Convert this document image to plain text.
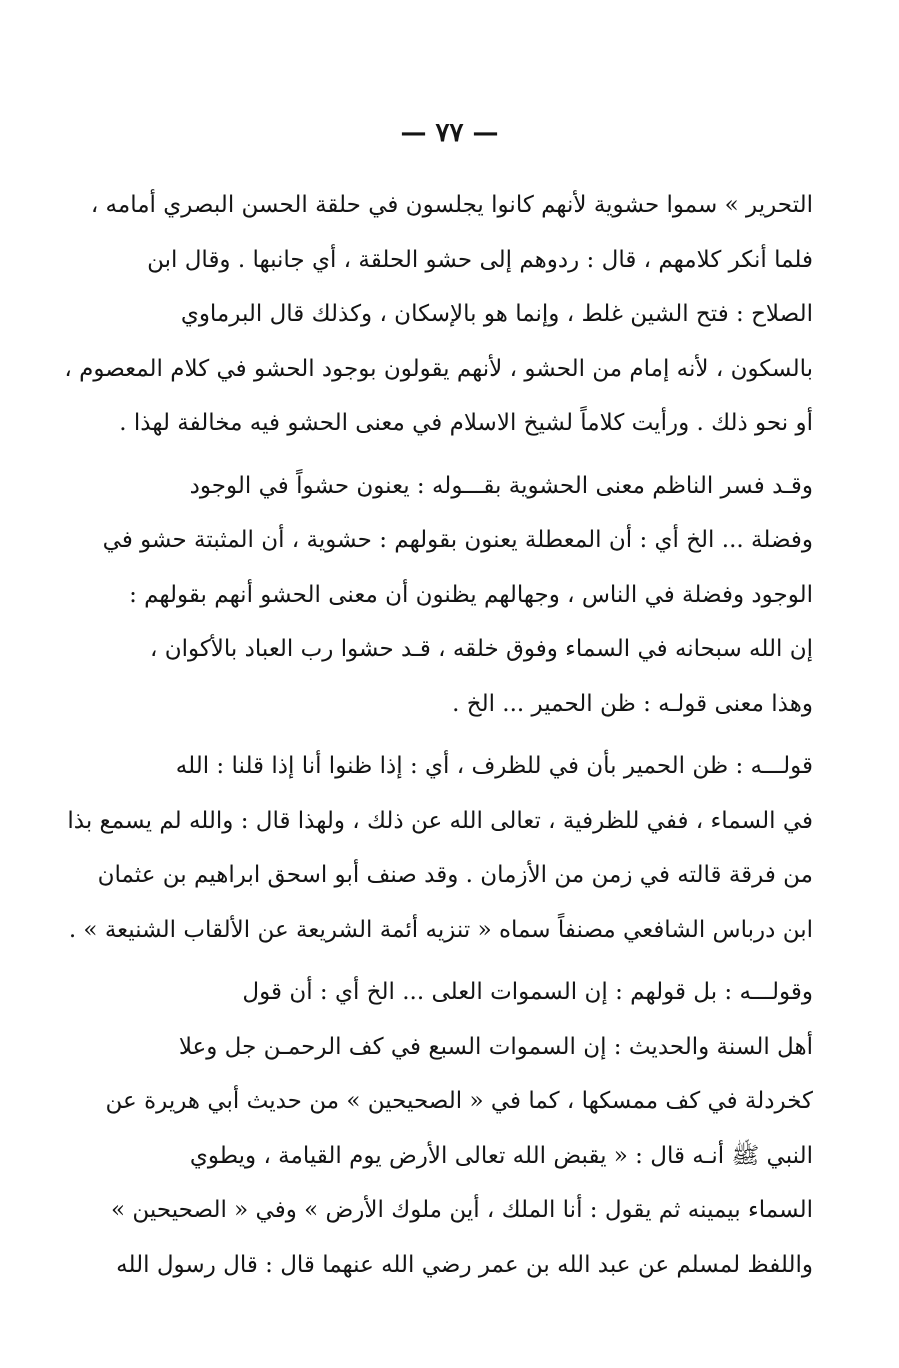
— ٧٧ —
التحرير » سموا حشوية لأنهم كانوا يجلسون في حلقة الحسن البصري أمامه ،
فلما أنكر كلامهم ، قال : ردوهم إلى حشو الحلقة ، أي جانبها . وقال ابن
الصلاح : فتح الشين غلط ، وإنما هو بالإسكان ، وكذلك قال البرماوي
بالسكون ، لأنه إمام من الحشو ، لأنهم يقولون بوجود الحشو في كلام المعصوم ،
أو نحو ذلك . ورأيت كلاماً لشيخ الاسلام في معنى الحشو فيه مخالفة لهذا .
وقـد فسر الناظم معنى الحشوية بقـــوله : يعنون حشواً في الوجود
وفضلة ... الخ أي : أن المعطلة يعنون بقولهم : حشوية ، أن المثبتة حشو في
الوجود وفضلة في الناس ، وجهالهم يظنون أن معنى الحشو أنهم بقولهم :
إن الله سبحانه في السماء وفوق خلقه ، قـد حشوا رب العباد بالأكوان ،
وهذا معنى قولـه : ظن الحمير ... الخ .
قولـــه : ظن الحمير بأن في للظرف ، أي : إذا ظنوا أنا إذا قلنا : الله
في السماء ، ففي للظرفية ، تعالى الله عن ذلك ، ولهذا قال : والله لم يسمع بذا
من فرقة قالته في زمن من الأزمان . وقد صنف أبو اسحق ابراهيم بن عثمان
ابن درباس الشافعي مصنفاً سماه « تنزيه أئمة الشريعة عن الألقاب الشنيعة » .
وقولـــه : بل قولهم : إن السموات العلى ... الخ أي : أن قول
أهل السنة والحديث : إن السموات السبع في كف الرحمـن جل وعلا
كخردلة في كف ممسكها ، كما في « الصحيحين » من حديث أبي هريرة عن
النبي ﷺ أنـه قال : « يقبض الله تعالى الأرض يوم القيامة ، ويطوي
السماء بيمينه ثم يقول : أنا الملك ، أين ملوك الأرض » وفي « الصحيحين »
واللفظ لمسلم عن عبد الله بن عمر رضي الله عنهما قال : قال رسول الله
